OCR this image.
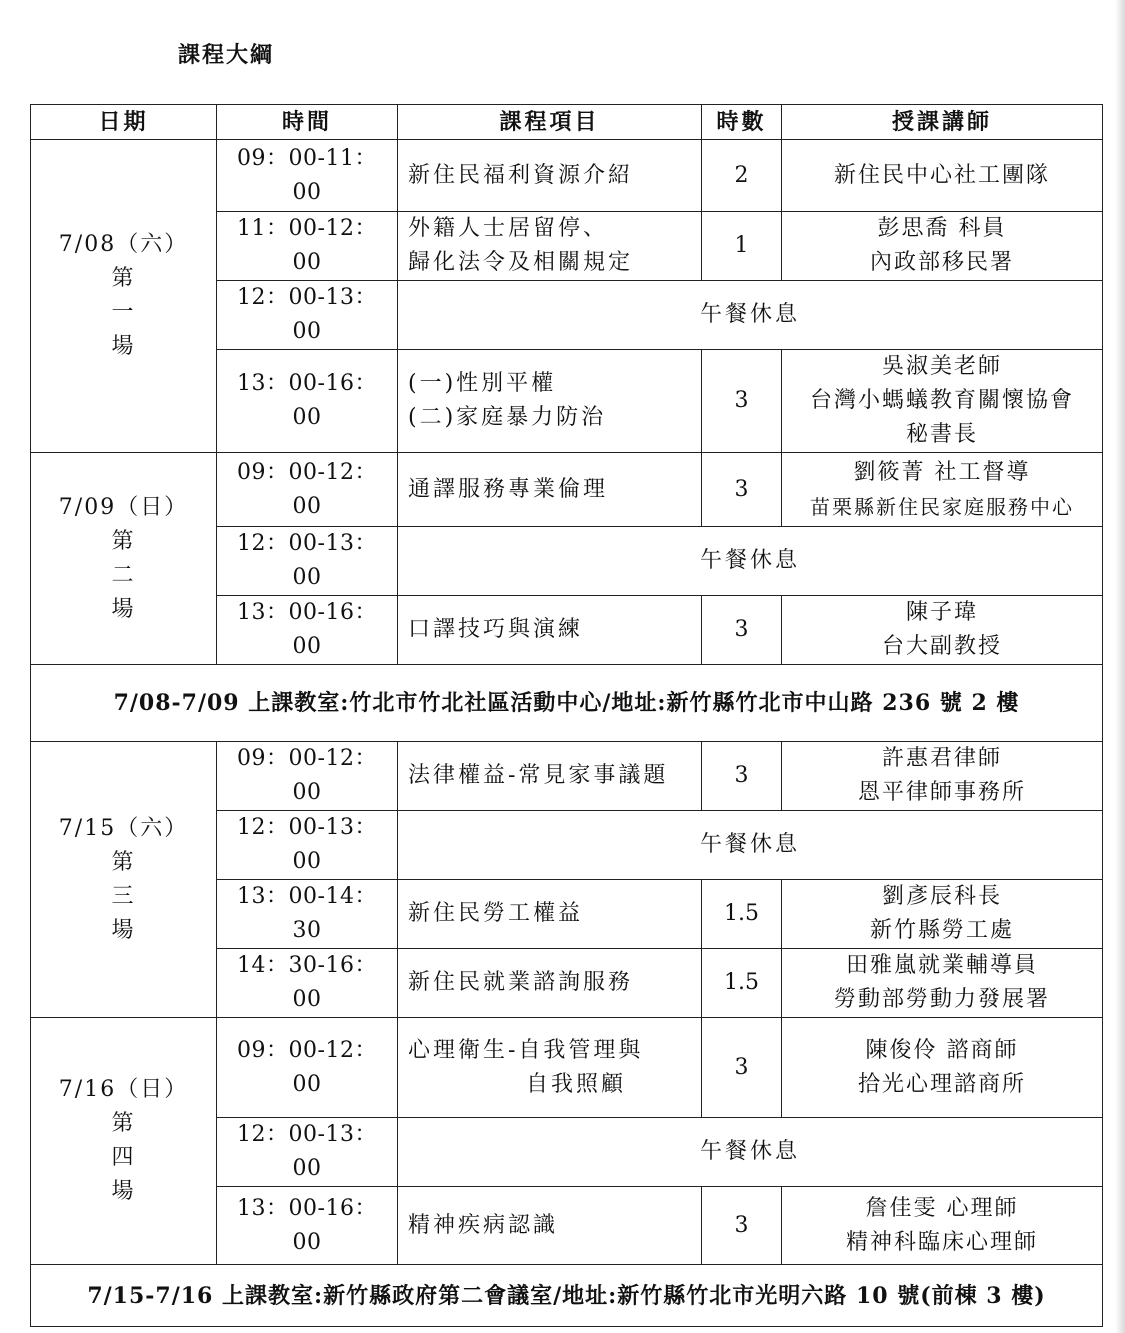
課程大綱
日期	時間	課程項目	時數	授課講師

7/08（六）
第
一
場	09：00-11：00	新住民福利資源介紹	2	新住民中心社工團隊

	11：00-12：00	外籍人士居留停、
歸化法令及相關規定	1	彭思喬 科員
內政部移民署

	12：00-13：00	午餐休息		
	13：00-16：00	(一)性別平權
(二)家庭暴力防治	3	吳淑美老師
台灣小螞蟻教育關懷協會
秘書長

7/09（日）
第
二
場	09：00-12：00	通譯服務專業倫理	3	劉筱菁 社工督導
苗栗縣新住民家庭服務中心

	12：00-13：00	午餐休息		
	13：00-16：00	口譯技巧與演練	3	陳子瑋
台大副教授

7/08-7/09 上課教室:竹北市竹北社區活動中心/地址:新竹縣竹北市中山路 236 號 2 樓				

7/15（六）
第
三
場	09：00-12：00	法律權益-常見家事議題	3	許惠君律師
恩平律師事務所

	12：00-13：00	午餐休息		
	13：00-14：30	新住民勞工權益	1.5	劉彥辰科長
新竹縣勞工處

	14：30-16：00	新住民就業諮詢服務	1.5	田雅嵐就業輔導員
勞動部勞動力發展署

7/16（日）
第
四
場	09：00-12：00	心理衛生-自我管理與
自我照顧	3	陳俊伶 諮商師
拾光心理諮商所

	12：00-13：00	午餐休息		
	13：00-16：00	精神疾病認識	3	詹佳雯 心理師
精神科臨床心理師

7/15-7/16 上課教室:新竹縣政府第二會議室/地址:新竹縣竹北市光明六路 10 號(前棟 3 樓)				
